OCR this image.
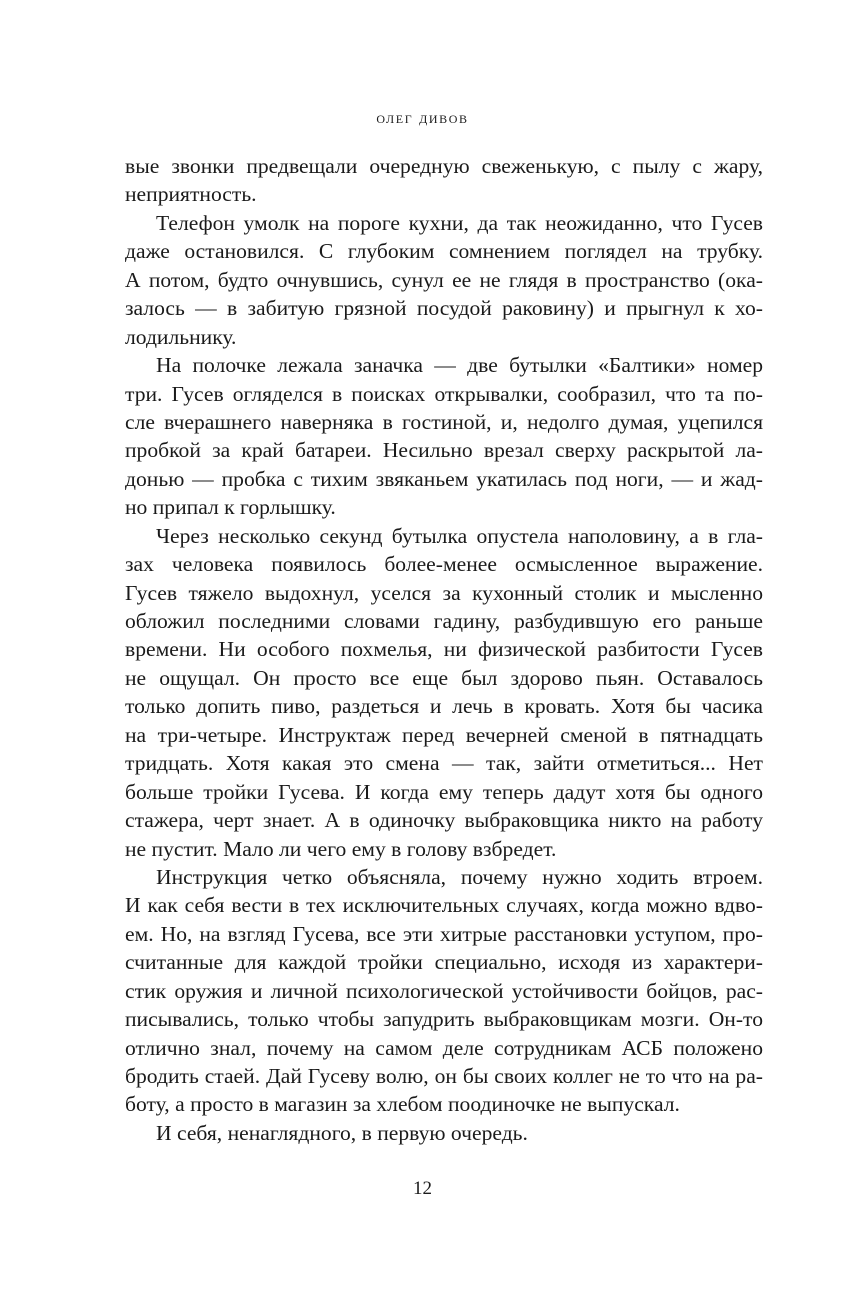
олег дивов
вые звонки предвещали очередную свеженькую, с пылу с жару,
неприятность.
Телефон умолк на пороге кухни, да так неожиданно, что Гусев
даже остановился. С глубоким сомнением поглядел на трубку.
А потом, будто очнувшись, сунул ее не глядя в пространство (ока-
залось — в забитую грязной посудой раковину) и прыгнул к хо-
лодильнику.
На полочке лежала заначка — две бутылки «Балтики» номер
три. Гусев огляделся в поисках открывалки, сообразил, что та по-
сле вчерашнего наверняка в гостиной, и, недолго думая, уцепился
пробкой за край батареи. Несильно врезал сверху раскрытой ла-
донью — пробка с тихим звяканьем укатилась под ноги, — и жад-
но припал к горлышку.
Через несколько секунд бутылка опустела наполовину, а в гла-
зах человека появилось более-менее осмысленное выражение.
Гусев тяжело выдохнул, уселся за кухонный столик и мысленно
обложил последними словами гадину, разбудившую его раньше
времени. Ни особого похмелья, ни физической разбитости Гусев
не ощущал. Он просто все еще был здорово пьян. Оставалось
только допить пиво, раздеться и лечь в кровать. Хотя бы часика
на три-четыре. Инструктаж перед вечерней сменой в пятнадцать
тридцать. Хотя какая это смена — так, зайти отметиться... Нет
больше тройки Гусева. И когда ему теперь дадут хотя бы одного
стажера, черт знает. А в одиночку выбраковщика никто на работу
не пустит. Мало ли чего ему в голову взбредет.
Инструкция четко объясняла, почему нужно ходить втроем.
И как себя вести в тех исключительных случаях, когда можно вдво-
ем. Но, на взгляд Гусева, все эти хитрые расстановки уступом, про-
считанные для каждой тройки специально, исходя из характери-
стик оружия и личной психологической устойчивости бойцов, рас-
писывались, только чтобы запудрить выбраковщикам мозги. Он-то
отлично знал, почему на самом деле сотрудникам АСБ положено
бродить стаей. Дай Гусеву волю, он бы своих коллег не то что на ра-
боту, а просто в магазин за хлебом поодиночке не выпускал.
И себя, ненаглядного, в первую очередь.
12
